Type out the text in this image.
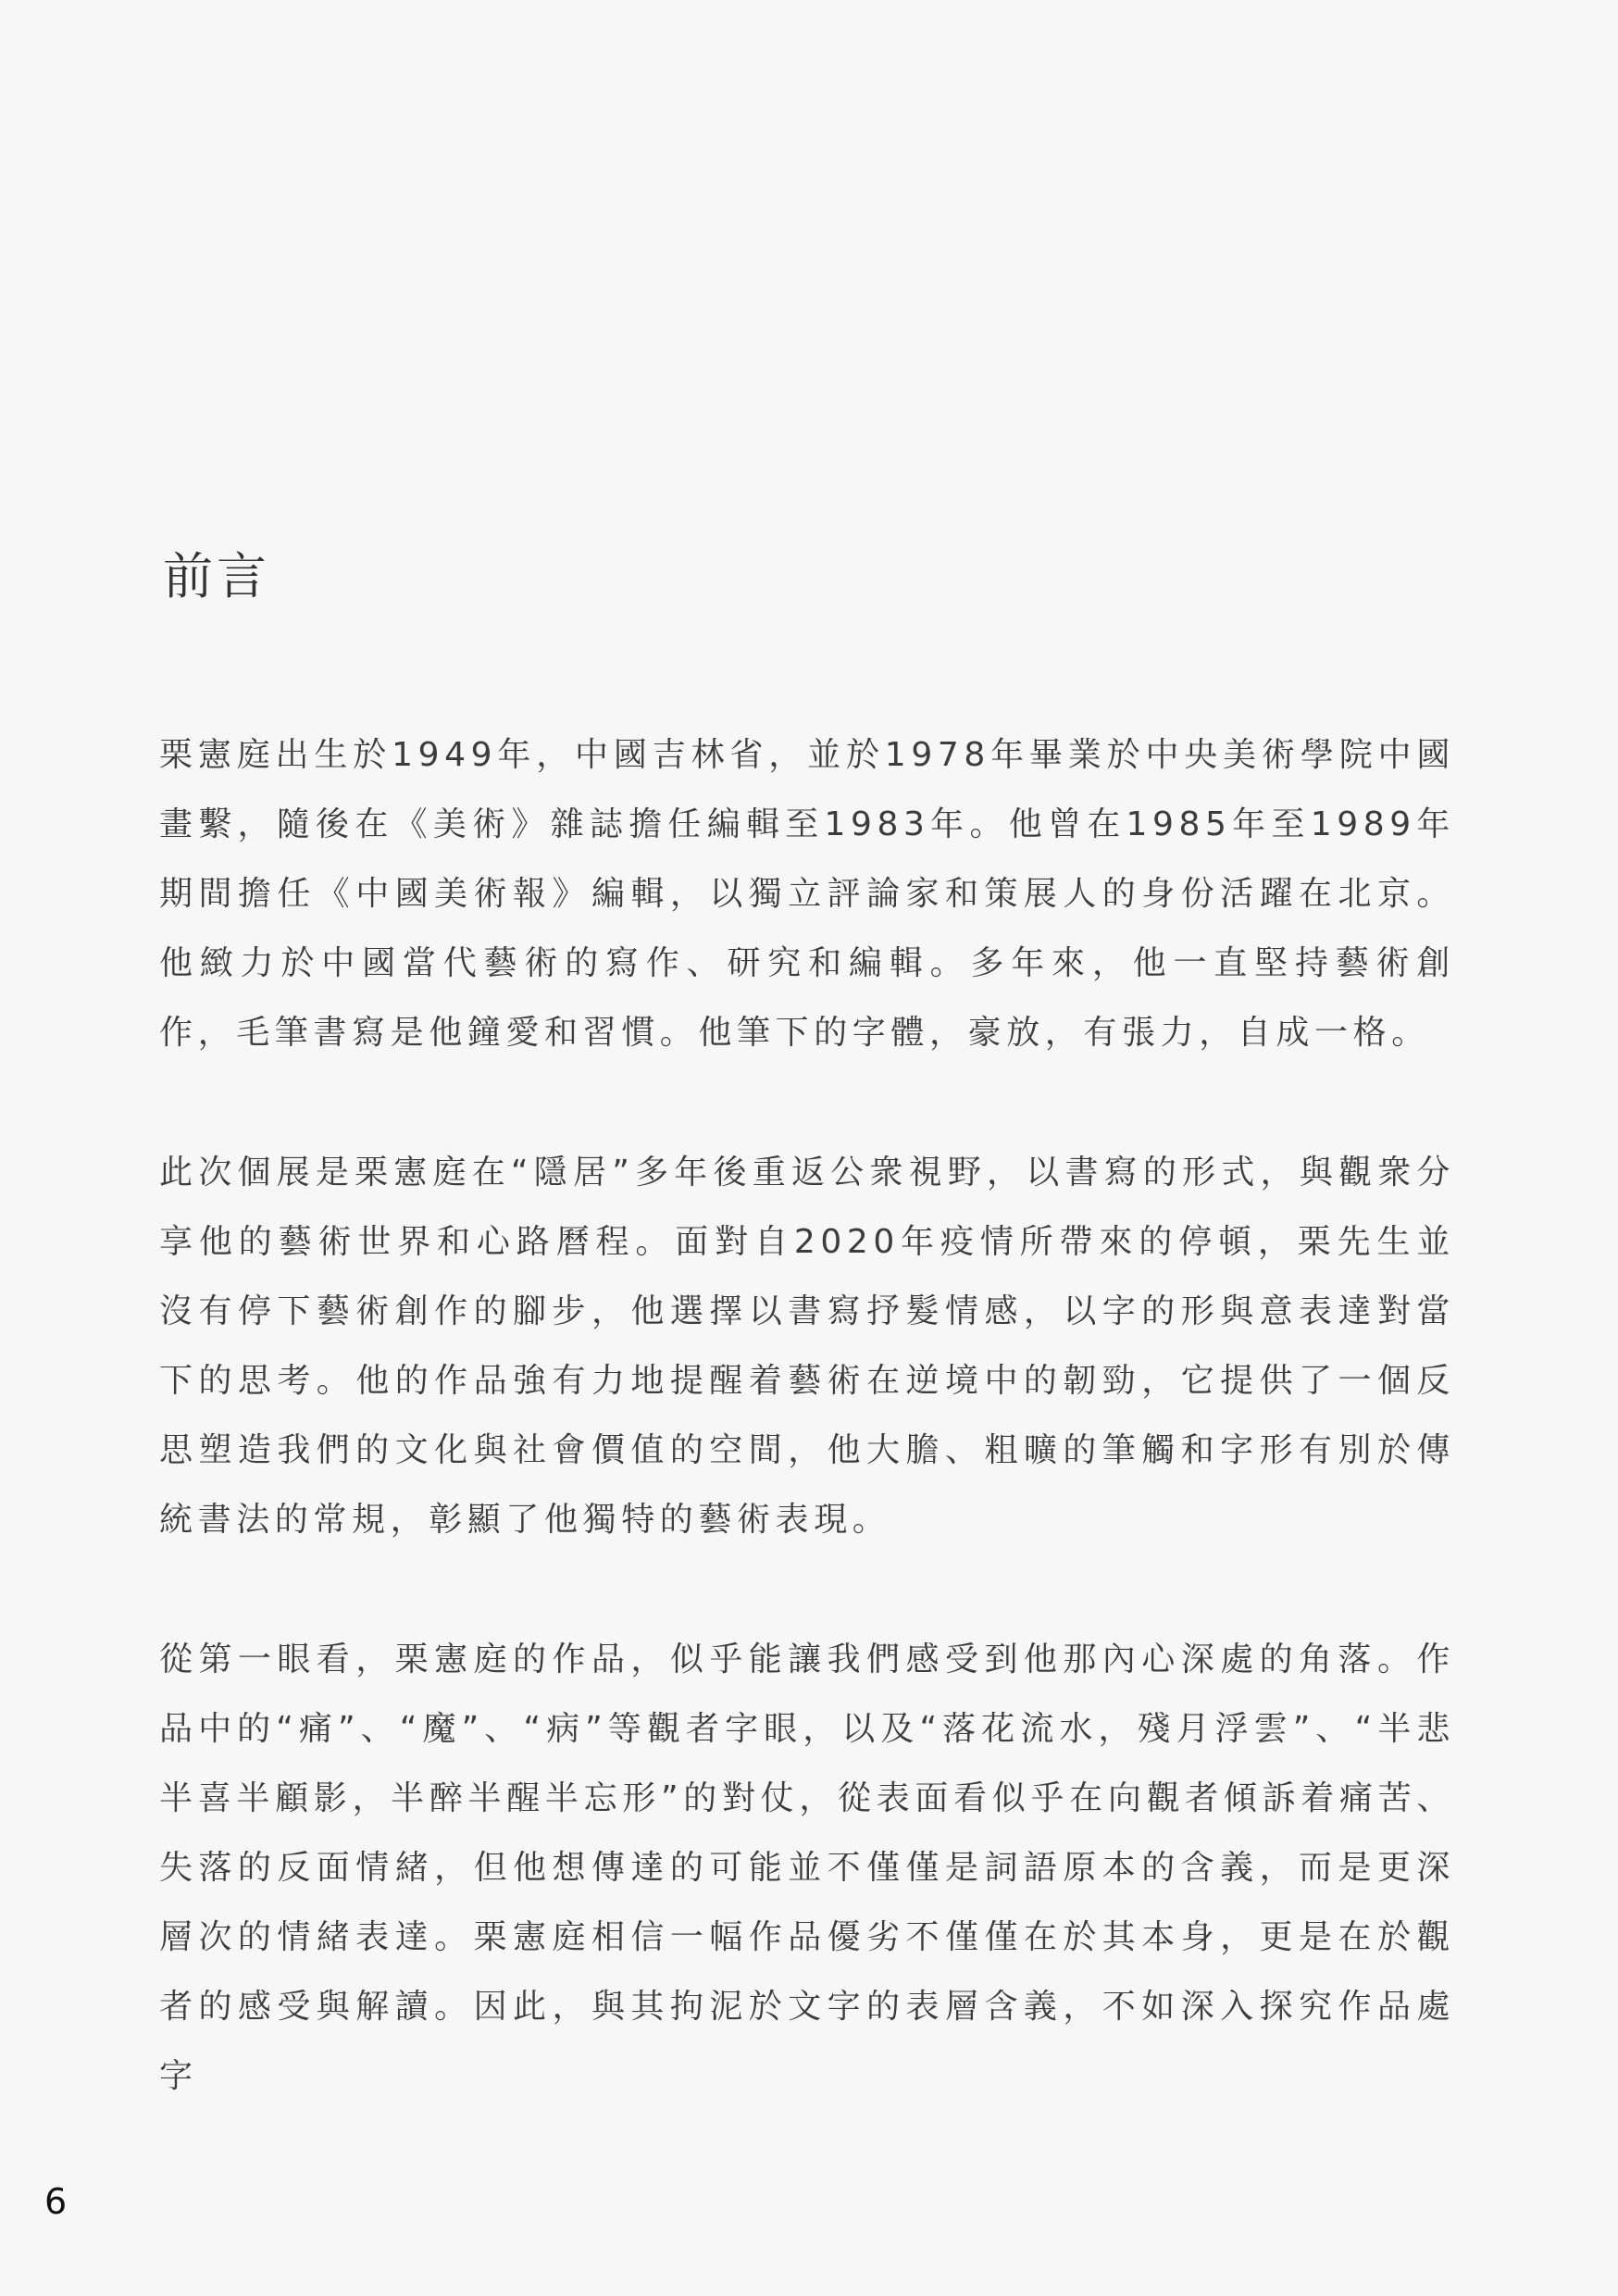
前言

栗憲庭出生於1949年，中國吉林省，並於1978年畢業於中央美術學院中國畫繫，隨後在《美術》雜誌擔任編輯至1983年。他曾在1985年至1989年期間擔任《中國美術報》編輯，以獨立評論家和策展人的身份活躍在北京。他緻力於中國當代藝術的寫作、研究和編輯。多年來，他一直堅持藝術創作，毛筆書寫是他鐘愛和習慣。他筆下的字體，豪放，有張力，自成一格。

此次個展是栗憲庭在“隱居”多年後重返公衆視野，以書寫的形式，與觀衆分享他的藝術世界和心路曆程。面對自2020年疫情所帶來的停頓，栗先生並沒有停下藝術創作的腳步，他選擇以書寫抒髮情感，以字的形與意表達對當下的思考。他的作品強有力地提醒着藝術在逆境中的韌勁，它提供了一個反思塑造我們的文化與社會價值的空間，他大膽、粗曠的筆觸和字形有別於傳統書法的常規，彰顯了他獨特的藝術表現。

從第一眼看，栗憲庭的作品，似乎能讓我們感受到他那內心深處的角落。作品中的“痛”、“魔”、“病”等觀者字眼，以及“落花流水，殘月浮雲”、“半悲半喜半顧影，半醉半醒半忘形”的對仗，從表面看似乎在向觀者傾訴着痛苦、失落的反面情緒，但他想傳達的可能並不僅僅是詞語原本的含義，而是更深層次的情緒表達。栗憲庭相信一幅作品優劣不僅僅在於其本身，更是在於觀者的感受與解讀。因此，與其拘泥於文字的表層含義，不如深入探究作品處字

6
